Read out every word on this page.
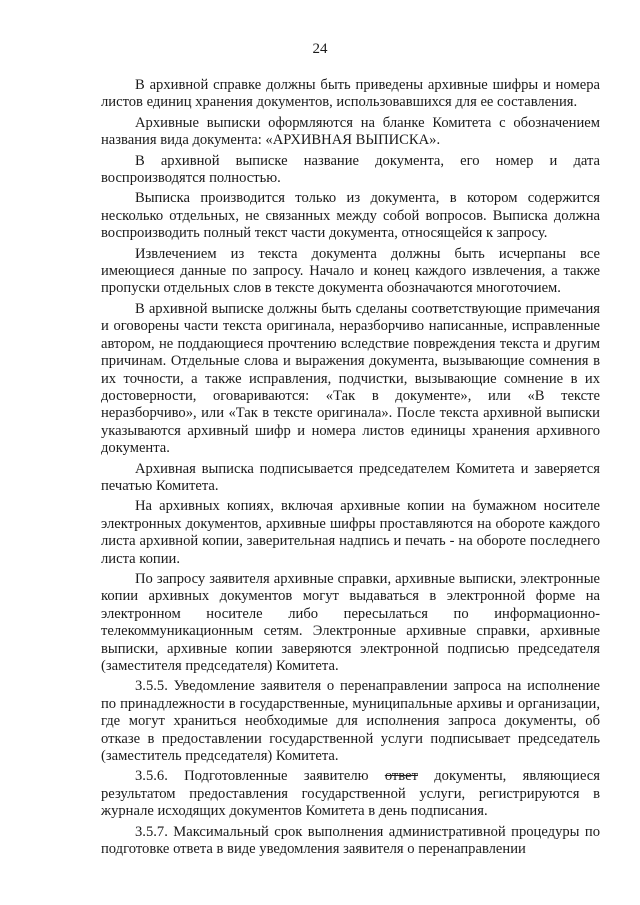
24

В архивной справке должны быть приведены архивные шифры и номера листов единиц хранения документов, использовавшихся для ее составления.

Архивные выписки оформляются на бланке Комитета с обозначением названия вида документа: «АРХИВНАЯ ВЫПИСКА».

В архивной выписке название документа, его номер и дата воспроизводятся полностью.

Выписка производится только из документа, в котором содержится несколько отдельных, не связанных между собой вопросов. Выписка должна воспроизводить полный текст части документа, относящейся к запросу.

Извлечением из текста документа должны быть исчерпаны все имеющиеся данные по запросу. Начало и конец каждого извлечения, а также пропуски отдельных слов в тексте документа обозначаются многоточием.

В архивной выписке должны быть сделаны соответствующие примечания и оговорены части текста оригинала, неразборчиво написанные, исправленные автором, не поддающиеся прочтению вследствие повреждения текста и другим причинам. Отдельные слова и выражения документа, вызывающие сомнения в их точности, а также исправления, подчистки, вызывающие сомнение в их достоверности, оговариваются: «Так в документе», или «В тексте неразборчиво», или «Так в тексте оригинала». После текста архивной выписки указываются архивный шифр и номера листов единицы хранения архивного документа.

Архивная выписка подписывается председателем Комитета и заверяется печатью Комитета.

На архивных копиях, включая архивные копии на бумажном носителе электронных документов, архивные шифры проставляются на обороте каждого листа архивной копии, заверительная надпись и печать - на обороте последнего листа копии.

По запросу заявителя архивные справки, архивные выписки, электронные копии архивных документов могут выдаваться в электронной форме на электронном носителе либо пересылаться по информационно-телекоммуникационным сетям. Электронные архивные справки, архивные выписки, архивные копии заверяются электронной подписью председателя (заместителя председателя) Комитета.

3.5.5. Уведомление заявителя о перенаправлении запроса на исполнение по принадлежности в государственные, муниципальные архивы и организации, где могут храниться необходимые для исполнения запроса документы, об отказе в предоставлении государственной услуги подписывает председатель (заместитель председателя) Комитета.

3.5.6. Подготовленные заявителю ответ документы, являющиеся результатом предоставления государственной услуги, регистрируются в журнале исходящих документов Комитета в день подписания.

3.5.7. Максимальный срок выполнения административной процедуры по подготовке ответа в виде уведомления заявителя о перенаправлении
